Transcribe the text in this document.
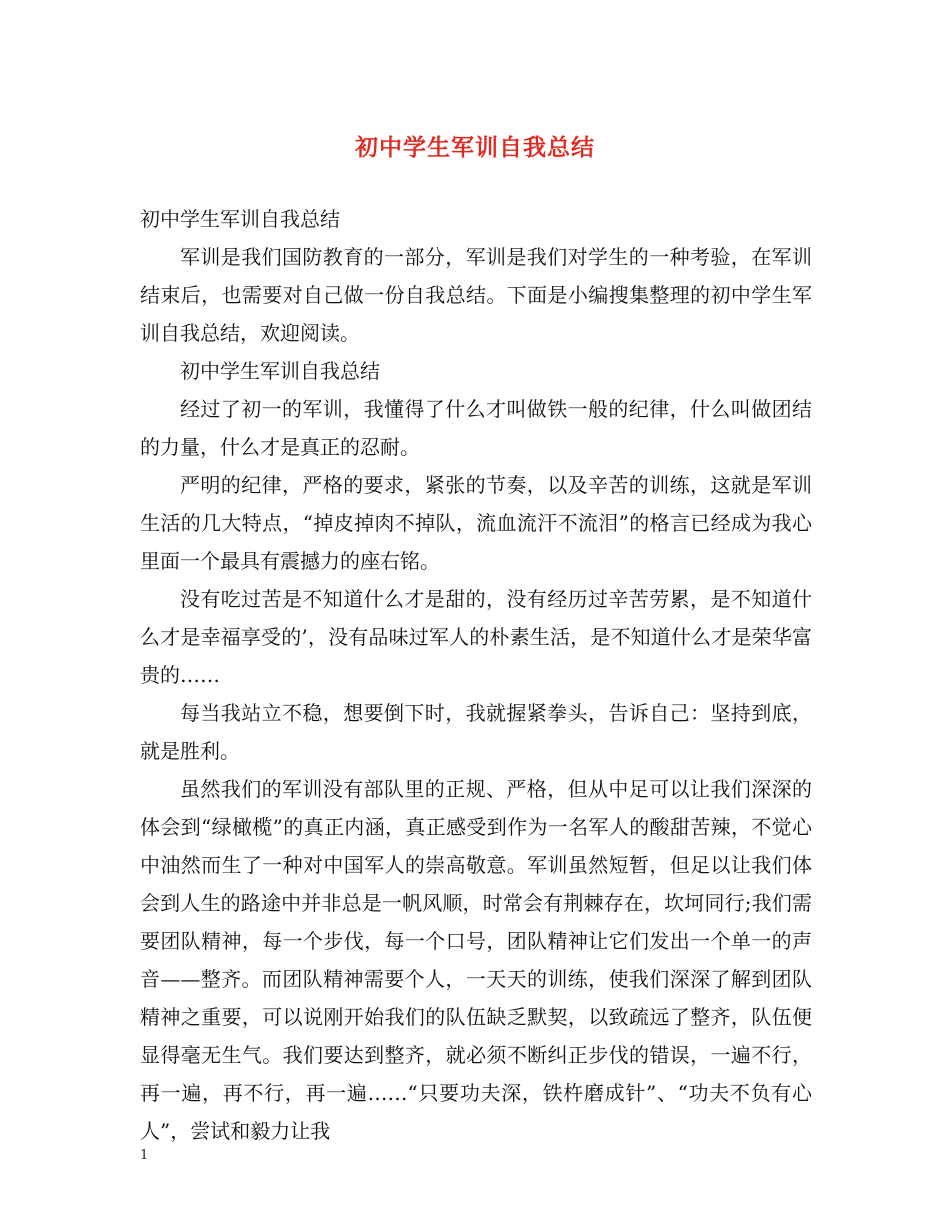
初中学生军训自我总结

初中学生军训自我总结

军训是我们国防教育的一部分，军训是我们对学生的一种考验，在军训结束后，也需要对自己做一份自我总结。下面是小编搜集整理的初中学生军训自我总结，欢迎阅读。

初中学生军训自我总结

经过了初一的军训，我懂得了什么才叫做铁一般的纪律，什么叫做团结的力量，什么才是真正的忍耐。

严明的纪律，严格的要求，紧张的节奏，以及辛苦的训练，这就是军训生活的几大特点，“掉皮掉肉不掉队，流血流汗不流泪”的格言已经成为我心里面一个最具有震撼力的座右铭。

没有吃过苦是不知道什么才是甜的，没有经历过辛苦劳累，是不知道什么才是幸福享受的’，没有品味过军人的朴素生活，是不知道什么才是荣华富贵的……

每当我站立不稳，想要倒下时，我就握紧拳头，告诉自己：坚持到底，就是胜利。

虽然我们的军训没有部队里的正规、严格，但从中足可以让我们深深的体会到“绿橄榄”的真正内涵，真正感受到作为一名军人的酸甜苦辣，不觉心中油然而生了一种对中国军人的崇高敬意。军训虽然短暂，但足以让我们体会到人生的路途中并非总是一帆风顺，时常会有荆棘存在，坎坷同行;我们需要团队精神，每一个步伐，每一个口号，团队精神让它们发出一个单一的声音——整齐。而团队精神需要个人，一天天的训练，使我们深深了解到团队精神之重要，可以说刚开始我们的队伍缺乏默契，以致疏远了整齐，队伍便显得毫无生气。我们要达到整齐，就必须不断纠正步伐的错误，一遍不行，再一遍，再不行，再一遍……“只要功夫深，铁杵磨成针”、“功夫不负有心人”，尝试和毅力让我

1
